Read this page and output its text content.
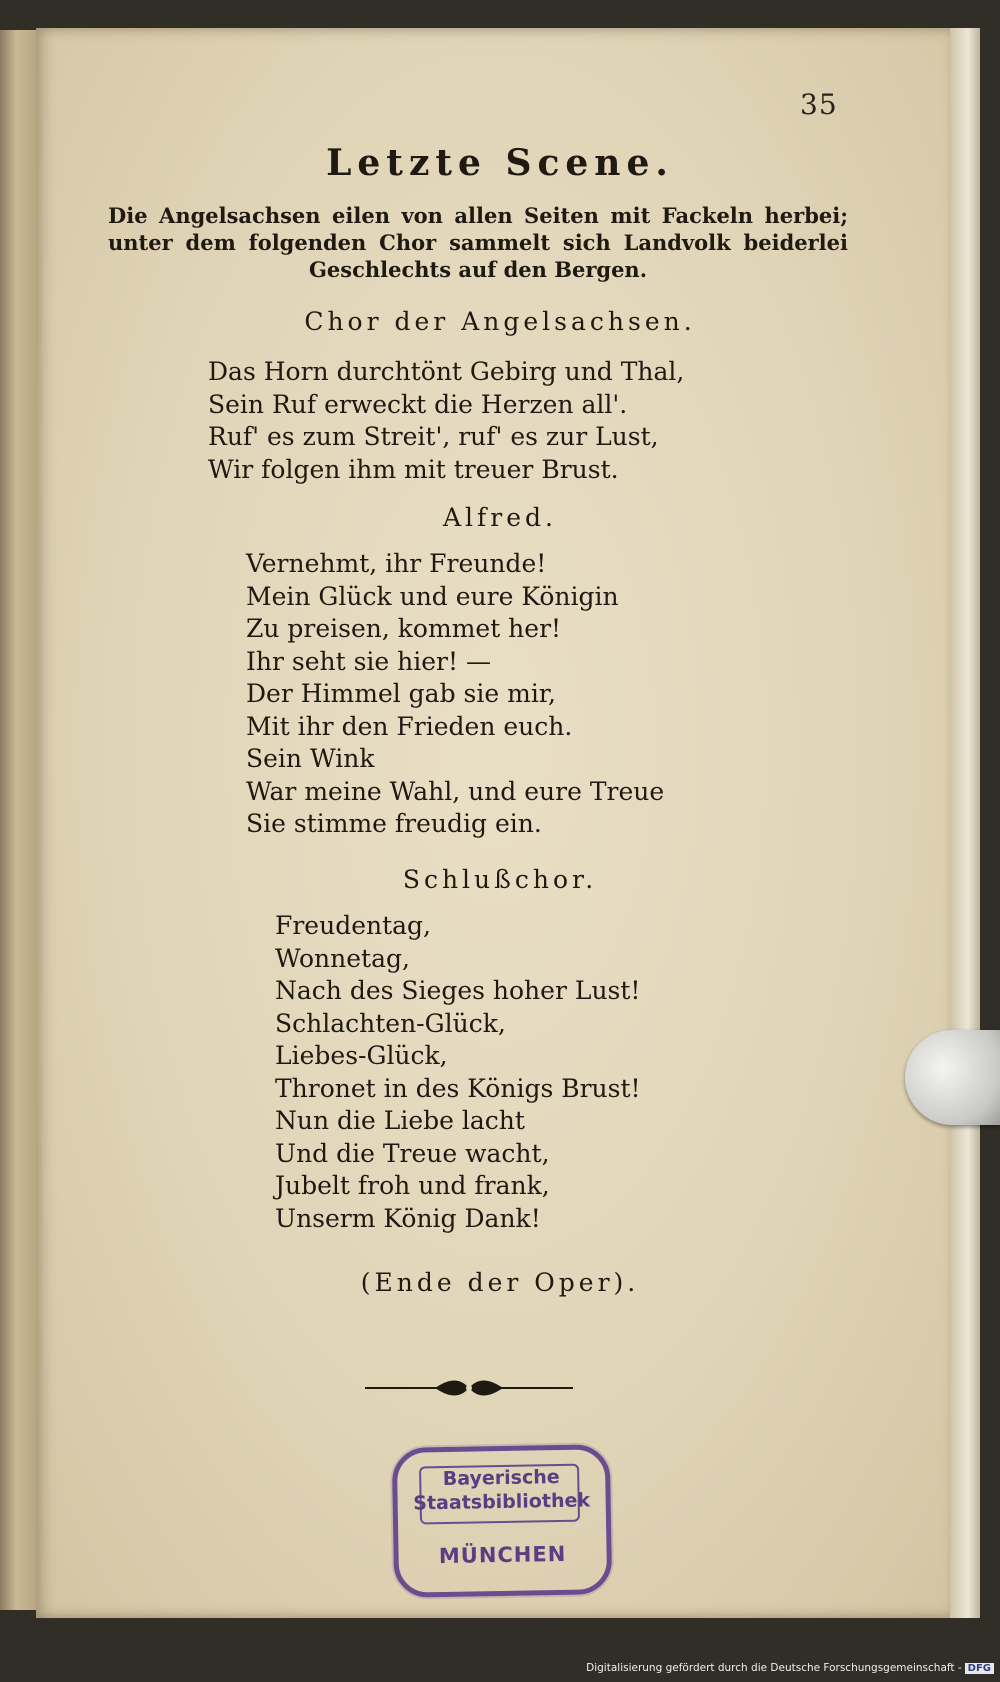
35
Letzte Scene.
Die Angelsachsen eilen von allen Seiten mit Fackeln herbei; unter dem folgenden Chor sammelt sich Landvolk beiderlei Geschlechts auf den Bergen.
Chor der Angelsachsen.
Das Horn durchtönt Gebirg und Thal,
Sein Ruf erweckt die Herzen all'.
Ruf' es zum Streit', ruf' es zur Lust,
Wir folgen ihm mit treuer Brust.
Alfred.
Vernehmt, ihr Freunde!
Mein Glück und eure Königin
Zu preisen, kommet her!
Ihr seht sie hier! —
Der Himmel gab sie mir,
Mit ihr den Frieden euch.
Sein Wink
War meine Wahl, und eure Treue
Sie stimme freudig ein.
Schlußchor.
Freudentag,
Wonnetag,
Nach des Sieges hoher Lust!
Schlachten-Glück,
Liebes-Glück,
Thronet in des Königs Brust!
Nun die Liebe lacht
Und die Treue wacht,
Jubelt froh und frank,
Unserm König Dank!
(Ende der Oper).
Bayerische
Staatsbibliothek
MÜNCHEN
Digitalisierung gefördert durch die Deutsche Forschungsgemeinschaft - DFG
